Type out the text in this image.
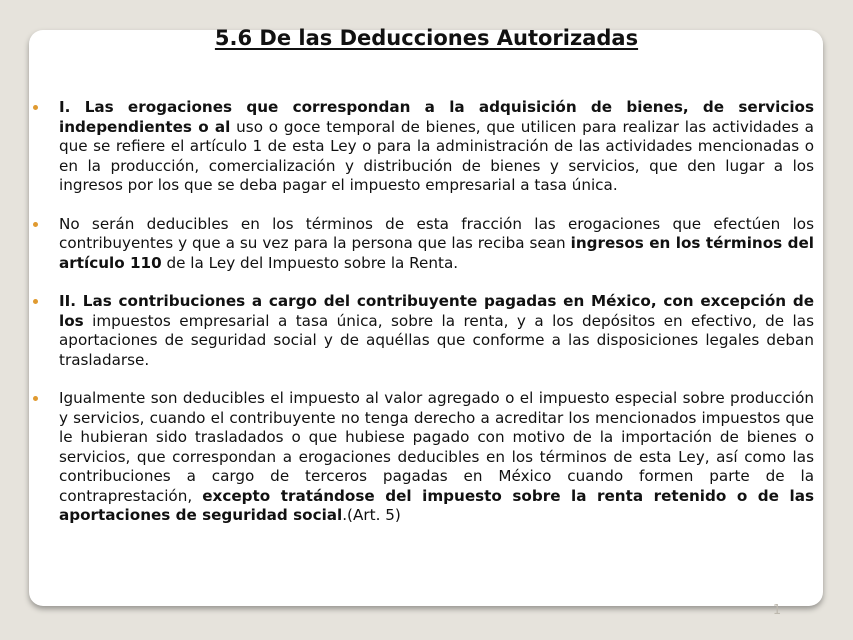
5.6 De las Deducciones Autorizadas

I. Las erogaciones que correspondan a la adquisición de bienes, de servicios independientes o al uso o goce temporal de bienes, que utilicen para realizar las actividades a que se refiere el artículo 1 de esta Ley o para la administración de las actividades mencionadas o en la producción, comercialización y distribución de bienes y servicios, que den lugar a los ingresos por los que se deba pagar el impuesto empresarial a tasa única.

No serán deducibles en los términos de esta fracción las erogaciones que efectúen los contribuyentes y que a su vez para la persona que las reciba sean ingresos en los términos del artículo 110 de la Ley del Impuesto sobre la Renta.

II. Las contribuciones a cargo del contribuyente pagadas en México, con excepción de los impuestos empresarial a tasa única, sobre la renta, y a los depósitos en efectivo, de las aportaciones de seguridad social y de aquéllas que conforme a las disposiciones legales deban trasladarse.

Igualmente son deducibles el impuesto al valor agregado o el impuesto especial sobre producción y servicios, cuando el contribuyente no tenga derecho a acreditar los mencionados impuestos que le hubieran sido trasladados o que hubiese pagado con motivo de la importación de bienes o servicios, que correspondan a erogaciones deducibles en los términos de esta Ley, así como las contribuciones a cargo de terceros pagadas en México cuando formen parte de la contraprestación, excepto tratándose del impuesto sobre la renta retenido o de las aportaciones de seguridad social.(Art. 5)

1
